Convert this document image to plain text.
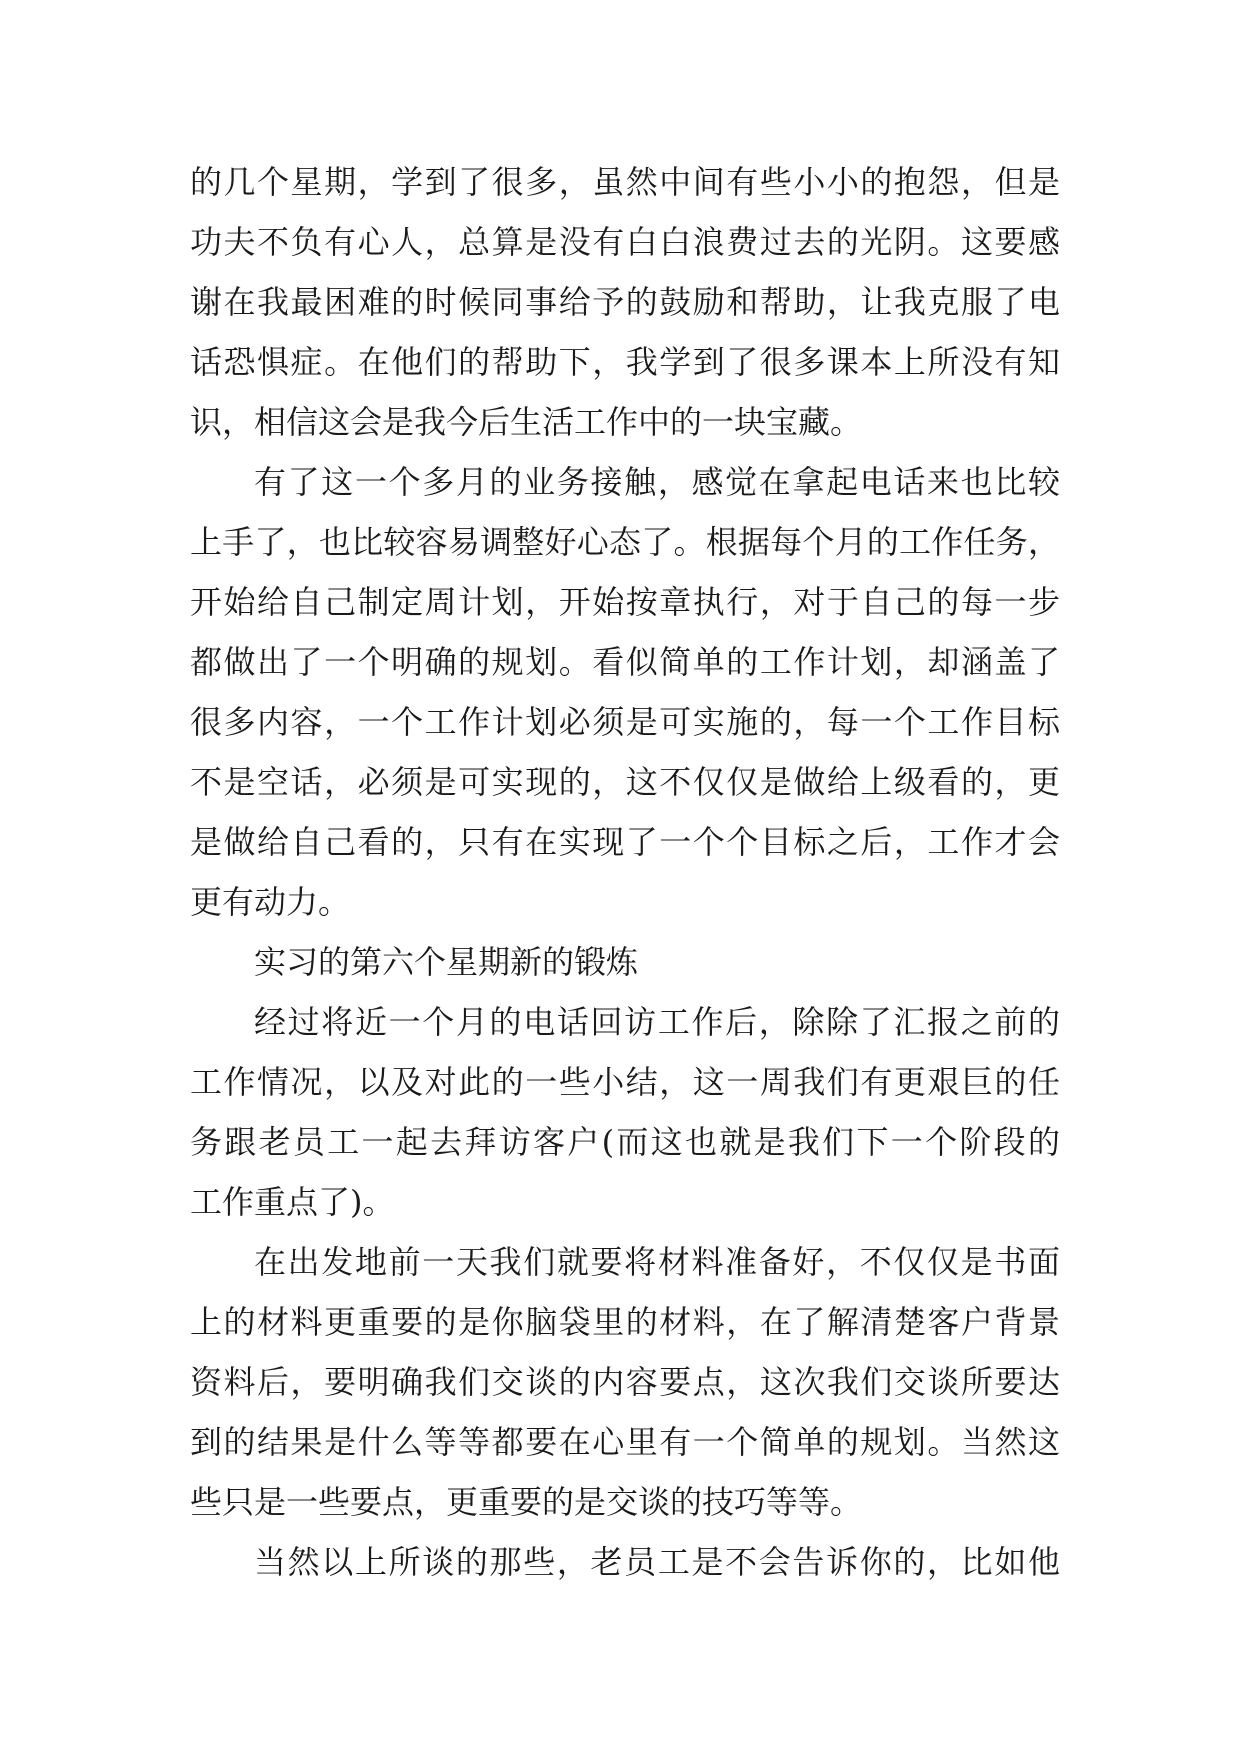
的几个星期，学到了很多，虽然中间有些小小的抱怨，但是
功夫不负有心人，总算是没有白白浪费过去的光阴。这要感
谢在我最困难的时候同事给予的鼓励和帮助，让我克服了电
话恐惧症。在他们的帮助下，我学到了很多课本上所没有知
识，相信这会是我今后生活工作中的一块宝藏。
有了这一个多月的业务接触，感觉在拿起电话来也比较
上手了，也比较容易调整好心态了。根据每个月的工作任务，
开始给自己制定周计划，开始按章执行，对于自己的每一步
都做出了一个明确的规划。看似简单的工作计划，却涵盖了
很多内容，一个工作计划必须是可实施的，每一个工作目标
不是空话，必须是可实现的，这不仅仅是做给上级看的，更
是做给自己看的，只有在实现了一个个目标之后，工作才会
更有动力。
实习的第六个星期新的锻炼
经过将近一个月的电话回访工作后，除除了汇报之前的
工作情况，以及对此的一些小结，这一周我们有更艰巨的任
务跟老员工一起去拜访客户(而这也就是我们下一个阶段的
工作重点了)。
在出发地前一天我们就要将材料准备好，不仅仅是书面
上的材料更重要的是你脑袋里的材料，在了解清楚客户背景
资料后，要明确我们交谈的内容要点，这次我们交谈所要达
到的结果是什么等等都要在心里有一个简单的规划。当然这
些只是一些要点，更重要的是交谈的技巧等等。
当然以上所谈的那些，老员工是不会告诉你的，比如他
